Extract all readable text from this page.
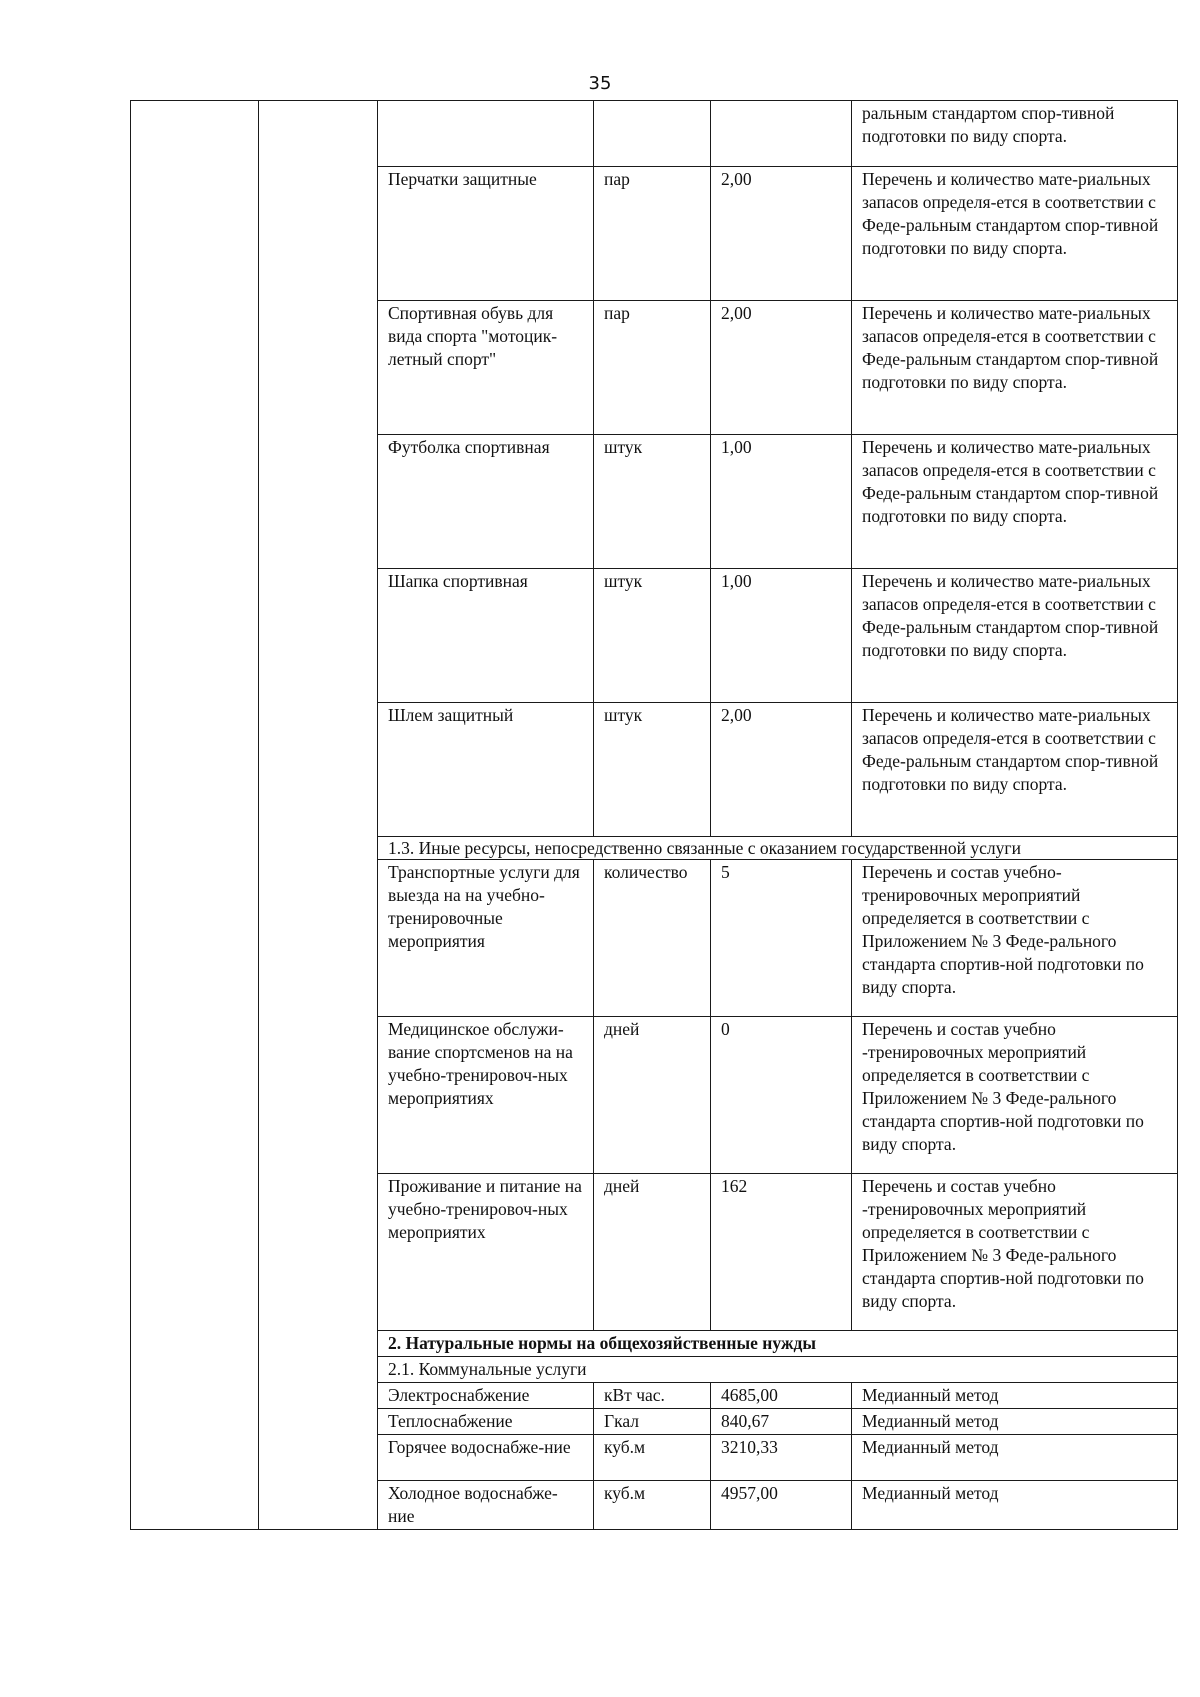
35
					ральным стандартом спор-тивной подготовки по виду спорта.
		Перчатки защитные	пар	2,00	Перечень и количество мате-риальных запасов определя-ется в соответствии с Феде-ральным стандартом спор-тивной подготовки по виду спорта.
		Спортивная обувь для вида спорта "мотоцик-летный спорт"	пар	2,00	Перечень и количество мате-риальных запасов определя-ется в соответствии с Феде-ральным стандартом спор-тивной подготовки по виду спорта.
		Футболка спортивная	штук	1,00	Перечень и количество мате-риальных запасов определя-ется в соответствии с Феде-ральным стандартом спор-тивной подготовки по виду спорта.
		Шапка спортивная	штук	1,00	Перечень и количество мате-риальных запасов определя-ется в соответствии с Феде-ральным стандартом спор-тивной подготовки по виду спорта.
		Шлем защитный	штук	2,00	Перечень и количество мате-риальных запасов определя-ется в соответствии с Феде-ральным стандартом спор-тивной подготовки по виду спорта.
		1.3. Иные ресурсы, непосредственно связанные с оказанием государственной услуги			
		Транспортные услуги для выезда на на учебно-тренировочные мероприятия	количество	5	Перечень и состав учебно-тренировочных мероприятий определяется в соответствии с Приложением № 3 Феде-рального стандарта спортив-ной подготовки по виду спорта.
		Медицинское обслужи-вание спортсменов на на учебно-тренировоч-ных мероприятиях	дней	0	Перечень и состав учебно -тренировочных мероприятий определяется в соответствии с Приложением № 3 Феде-рального стандарта спортив-ной подготовки по виду спорта.
		Проживание и питание на учебно-тренировоч-ных мероприятих	дней	162	Перечень и состав учебно -тренировочных мероприятий определяется в соответствии с Приложением № 3 Феде-рального стандарта спортив-ной подготовки по виду спорта.
		2. Натуральные нормы на общехозяйственные нужды			
		2.1. Коммунальные услуги			
		Электроснабжение	кВт час.	4685,00	Медианный метод
		Теплоснабжение	Гкал	840,67	Медианный метод
		Горячее водоснабже-ние	куб.м	3210,33	Медианный метод
		Холодное водоснабже-ние	куб.м	4957,00	Медианный метод
